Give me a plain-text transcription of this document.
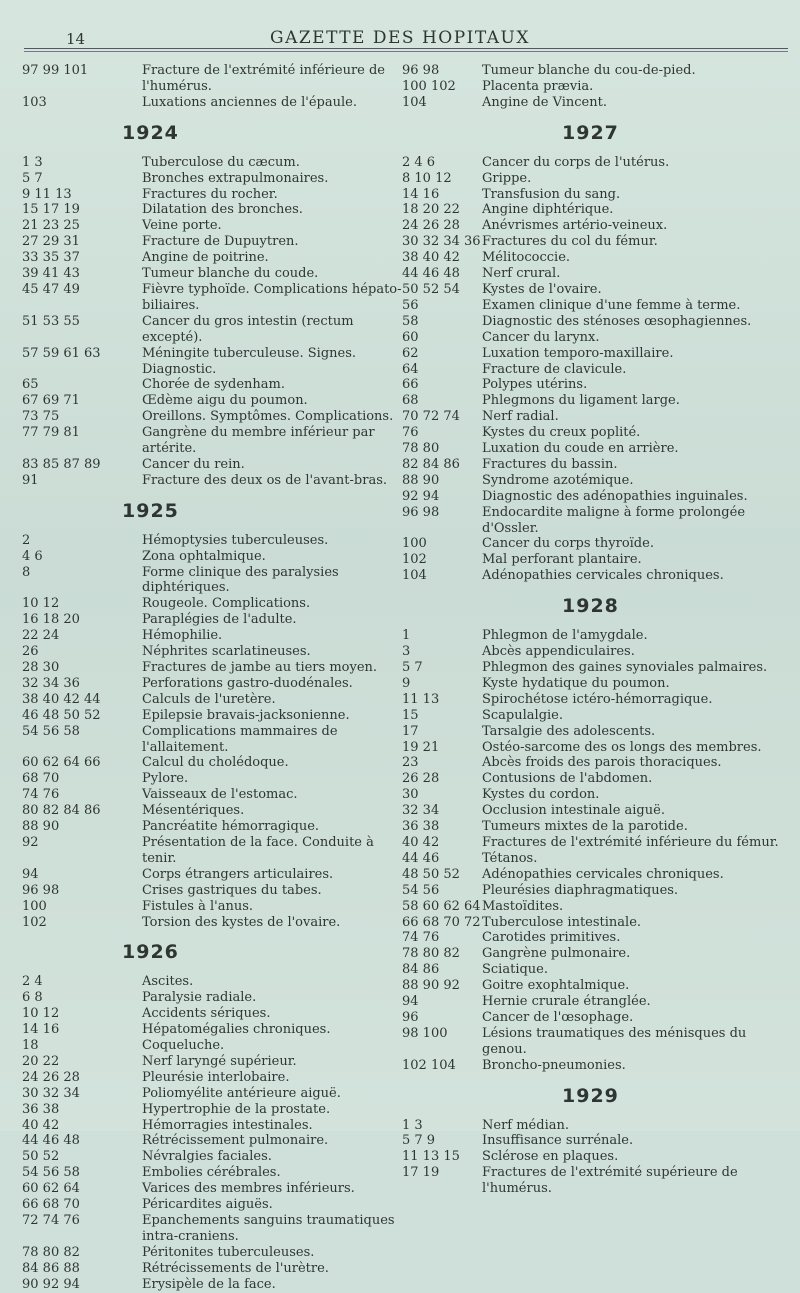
14	GAZETTE DES HOPITAUX
97 99 101	Fracture de l'extrémité inférieure de l'humérus.
103	Luxations anciennes de l'épaule.
1924
1 3	Tuberculose du cæcum.
5 7	Bronches extrapulmonaires.
9 11 13	Fractures du rocher.
15 17 19	Dilatation des bronches.
21 23 25	Veine porte.
27 29 31	Fracture de Dupuytren.
33 35 37	Angine de poitrine.
39 41 43	Tumeur blanche du coude.
45 47 49	Fièvre typhoïde. Complications hépato-biliaires.
51 53 55	Cancer du gros intestin (rectum excepté).
57 59 61 63	Méningite tuberculeuse. Signes. Diagnostic.
65	Chorée de sydenham.
67 69 71	Œdème aigu du poumon.
73 75	Oreillons. Symptômes. Complications.
77 79 81	Gangrène du membre inférieur par artérite.
83 85 87 89	Cancer du rein.
91	Fracture des deux os de l'avant-bras.
1925
2	Hémoptysies tuberculeuses.
4 6	Zona ophtalmique.
8	Forme clinique des paralysies diphtériques.
10 12	Rougeole. Complications.
16 18 20	Paraplégies de l'adulte.
22 24	Hémophilie.
26	Néphrites scarlatineuses.
28 30	Fractures de jambe au tiers moyen.
32 34 36	Perforations gastro-duodénales.
38 40 42 44	Calculs de l'uretère.
46 48 50 52	Epilepsie bravais-jacksonienne.
54 56 58	Complications mammaires de l'allaitement.
60 62 64 66	Calcul du cholédoque.
68 70	Pylore.
74 76	Vaisseaux de l'estomac.
80 82 84 86	Mésentériques.
88 90	Pancréatite hémorragique.
92	Présentation de la face. Conduite à tenir.
94	Corps étrangers articulaires.
96 98	Crises gastriques du tabes.
100	Fistules à l'anus.
102	Torsion des kystes de l'ovaire.
1926
2 4	Ascites.
6 8	Paralysie radiale.
10 12	Accidents sériques.
14 16	Hépatomégalies chroniques.
18	Coqueluche.
20 22	Nerf laryngé supérieur.
24 26 28	Pleurésie interlobaire.
30 32 34	Poliomyélite antérieure aiguë.
36 38	Hypertrophie de la prostate.
40 42	Hémorragies intestinales.
44 46 48	Rétrécissement pulmonaire.
50 52	Névralgies faciales.
54 56 58	Embolies cérébrales.
60 62 64	Varices des membres inférieurs.
66 68 70	Péricardites aiguës.
72 74 76	Epanchements sanguins traumatiques intra-craniens.
78 80 82	Péritonites tuberculeuses.
84 86 88	Rétrécissements de l'urètre.
90 92 94	Erysipèle de la face.
96 98	Tumeur blanche du cou-de-pied.
100 102	Placenta prævia.
104	Angine de Vincent.
1927
2 4 6	Cancer du corps de l'utérus.
8 10 12	Grippe.
14 16	Transfusion du sang.
18 20 22	Angine diphtérique.
24 26 28	Anévrismes artério-veineux.
30 32 34 36 Fractures du col du fémur.
38 40 42	Mélitococcie.
44 46 48	Nerf crural.
50 52 54	Kystes de l'ovaire.
56	Examen clinique d'une femme à terme.
58	Diagnostic des sténoses œsophagiennes.
60	Cancer du larynx.
62	Luxation temporo-maxillaire.
64	Fracture de clavicule.
66	Polypes utérins.
68	Phlegmons du ligament large.
70 72 74	Nerf radial.
76	Kystes du creux poplité.
78 80	Luxation du coude en arrière.
82 84 86	Fractures du bassin.
88 90	Syndrome azotémique.
92 94	Diagnostic des adénopathies inguinales.
96 98	Endocardite maligne à forme prolongée d'Ossler.
100	Cancer du corps thyroïde.
102	Mal perforant plantaire.
104	Adénopathies cervicales chroniques.
1928
1	Phlegmon de l'amygdale.
3	Abcès appendiculaires.
5 7	Phlegmon des gaines synoviales palmaires.
9	Kyste hydatique du poumon.
11 13	Spirochétose ictéro-hémorragique.
15	Scapulalgie.
17	Tarsalgie des adolescents.
19 21	Ostéo-sarcome des os longs des membres.
23	Abcès froids des parois thoraciques.
26 28	Contusions de l'abdomen.
30	Kystes du cordon.
32 34	Occlusion intestinale aiguë.
36 38	Tumeurs mixtes de la parotide.
40 42	Fractures de l'extrémité inférieure du fémur.
44 46	Tétanos.
48 50 52	Adénopathies cervicales chroniques.
54 56	Pleurésies diaphragmatiques.
58 60 62 64 Mastoïdites.
66 68 70 72 Tuberculose intestinale.
74 76	Carotides primitives.
78 80 82	Gangrène pulmonaire.
84 86	Sciatique.
88 90 92	Goitre exophtalmique.
94	Hernie crurale étranglée.
96	Cancer de l'œsophage.
98 100	Lésions traumatiques des ménisques du genou.
102 104	Broncho-pneumonies.
1929
1 3	Nerf médian.
5 7 9	Insuffisance surrénale.
11 13 15	Sclérose en plaques.
17 19	Fractures de l'extrémité supérieure de l'humérus.
